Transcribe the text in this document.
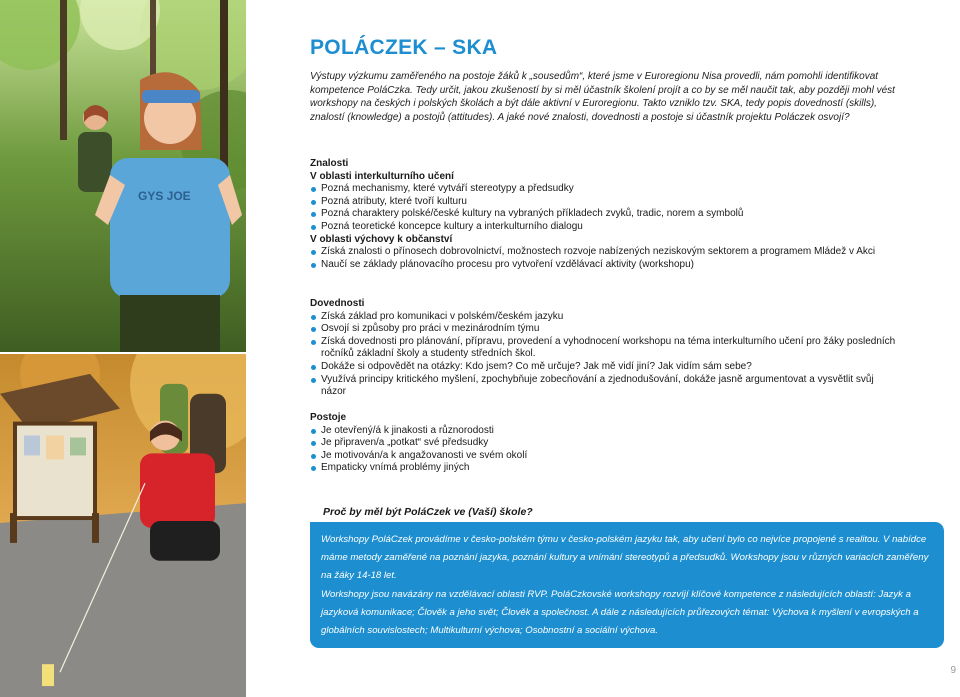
GYS JOE
POLÁCZEK – SKA

Výstupy výzkumu zaměřeného na postoje žáků k „sousedům“, které jsme v Euroregionu Nisa provedli, nám pomohli identifikovat kompetence PoláCzka. Tedy určit, jakou zkušeností by si měl účastník školení projít a co by se měl naučit tak, aby později mohl vést workshopy na českých i polských školách a být dále aktivní v Euroregionu. Takto vzniklo tzv. SKA, tedy popis dovedností (skills), znalostí (knowledge) a postojů (attitudes). A jaké nové znalosti, dovednosti a postoje si účastník projektu Poláczek osvojí?

Znalosti
V oblasti interkulturního učení
Pozná mechanismy, které vytváří stereotypy a předsudky
Pozná atributy, které tvoří kulturu
Pozná charaktery polské/české kultury na vybraných příkladech zvyků, tradic, norem a symbolů
Pozná teoretické koncepce kultury a interkulturního dialogu
V oblasti výchovy k občanství
Získá znalosti o přínosech dobrovolnictví, možnostech rozvoje nabízených neziskovým sektorem a programem Mládež v Akci
Naučí se základy plánovacího procesu pro vytvoření vzdělávací aktivity (workshopu)
Dovednosti
Získá základ pro komunikaci v polském/českém jazyku
Osvojí si způsoby pro práci v mezinárodním týmu
Získá dovednosti pro plánování, přípravu, provedení a vyhodnocení workshopu na téma interkulturního učení pro žáky posledních ročníků základní školy a studenty středních škol.
Dokáže si odpovědět na otázky: Kdo jsem? Co mě určuje? Jak mě vidí jiní? Jak vidím sám sebe?
Využívá principy kritického myšlení, zpochybňuje zobecňování a zjednodušování, dokáže jasně argumentovat a vysvětlit svůj názor
Postoje
Je otevřený/á k jinakosti a různorodosti
Je připraven/a „potkat“ své předsudky
Je motivován/a k angažovanosti ve svém okolí
Empaticky vnímá problémy jiných
Proč by měl být PoláCzek ve (Vaší) škole?

Workshopy PoláCzek provádíme v česko-polském týmu v česko-polském jazyku tak, aby učení bylo co nejvíce propojené s realitou. V nabídce máme metody zaměřené na poznání jazyka, poznání kultury a vnímání stereotypů a předsudků. Workshopy jsou v různých variacích zaměřeny na žáky 14-18 let.

Workshopy jsou navázány na vzdělávací oblasti RVP. PoláCzkovské workshopy rozvíjí klíčové kompetence z následujících oblastí: Jazyk a jazyková komunikace; Člověk a jeho svět; Člověk a společnost. A dále z následujících průřezových témat: Výchova k myšlení v evropských a globálních souvislostech; Multikulturní výchova; Osobnostní a sociální výchova.

9
